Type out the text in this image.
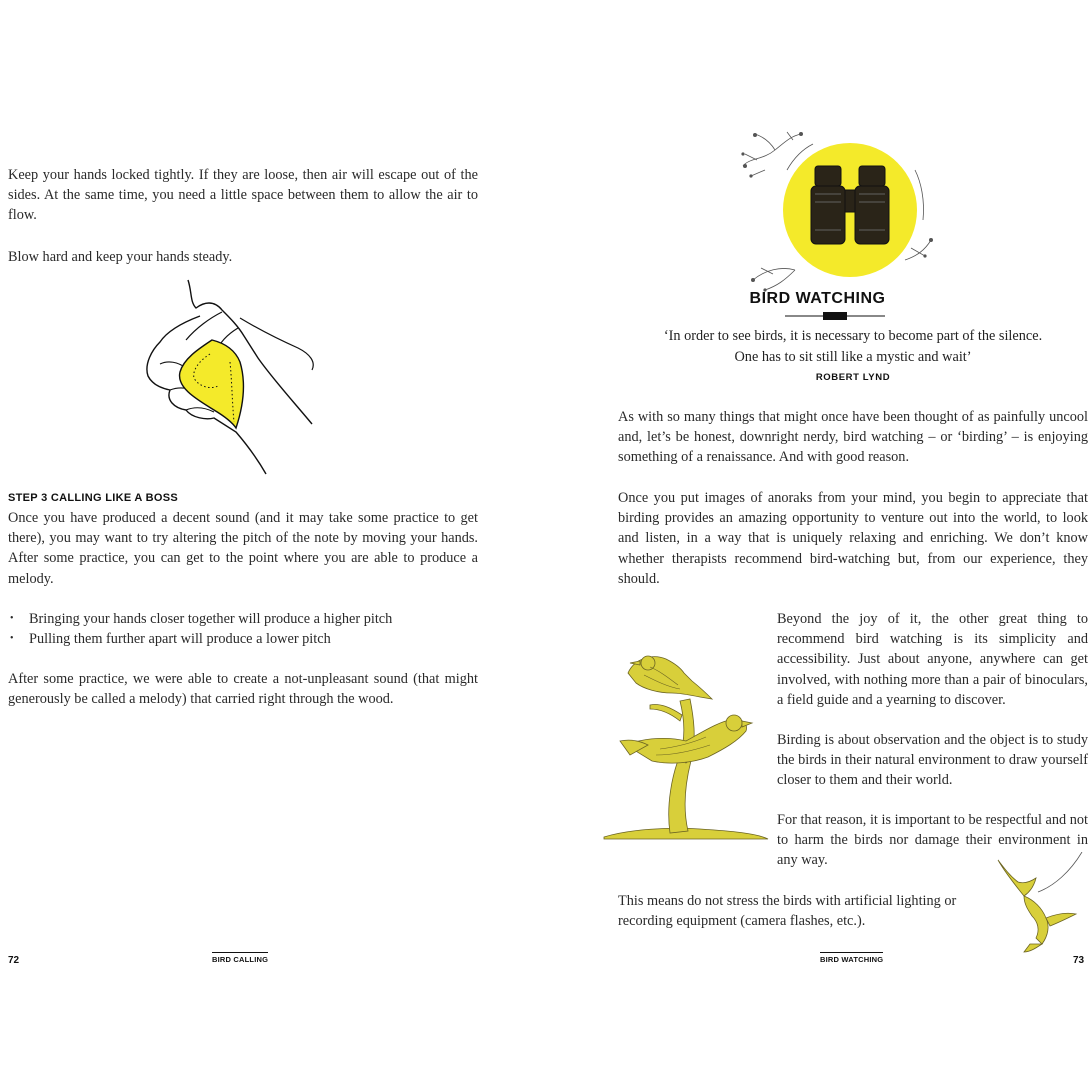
Keep your hands locked tightly. If they are loose, then air will escape out of the sides. At the same time, you need a little space between them to allow the air to flow.

Blow hard and keep your hands steady.

STEP 3 CALLING LIKE A BOSS

Once you have produced a decent sound (and it may take some practice to get there), you may want to try altering the pitch of the note by moving your hands. After some practice, you can get to the point where you are able to produce a melody.

• Bringing your hands closer together will produce a higher pitch
• Pulling them further apart will produce a lower pitch

After some practice, we were able to create a not-unpleasant sound (that might generously be called a melody) that carried right through the wood.

72	BIRD CALLING
BIRD WATCHING
‘In order to see birds, it is necessary to become part of the silence.
One has to sit still like a mystic and wait’
ROBERT LYND

As with so many things that might once have been thought of as painfully uncool and, let’s be honest, downright nerdy, bird watching – or ‘birding’ – is enjoying something of a renaissance. And with good reason.

Once you put images of anoraks from your mind, you begin to appreciate that birding provides an amazing opportunity to venture out into the world, to look and listen, in a way that is uniquely relaxing and enriching. We don’t know whether therapists recommend bird-watching but, from our experience, they should.

Beyond the joy of it, the other great thing to recommend bird watching is its simplicity and accessibility. Just about anyone, anywhere can get involved, with nothing more than a pair of binoculars, a field guide and a yearning to discover.

Birding is about observation and the object is to study the birds in their natural environment to draw yourself closer to them and their world.

For that reason, it is important to be respectful and not to harm the birds nor damage their environment in any way.

This means do not stress the birds with artificial lighting or recording equipment (camera flashes, etc.).

BIRD WATCHING	73
